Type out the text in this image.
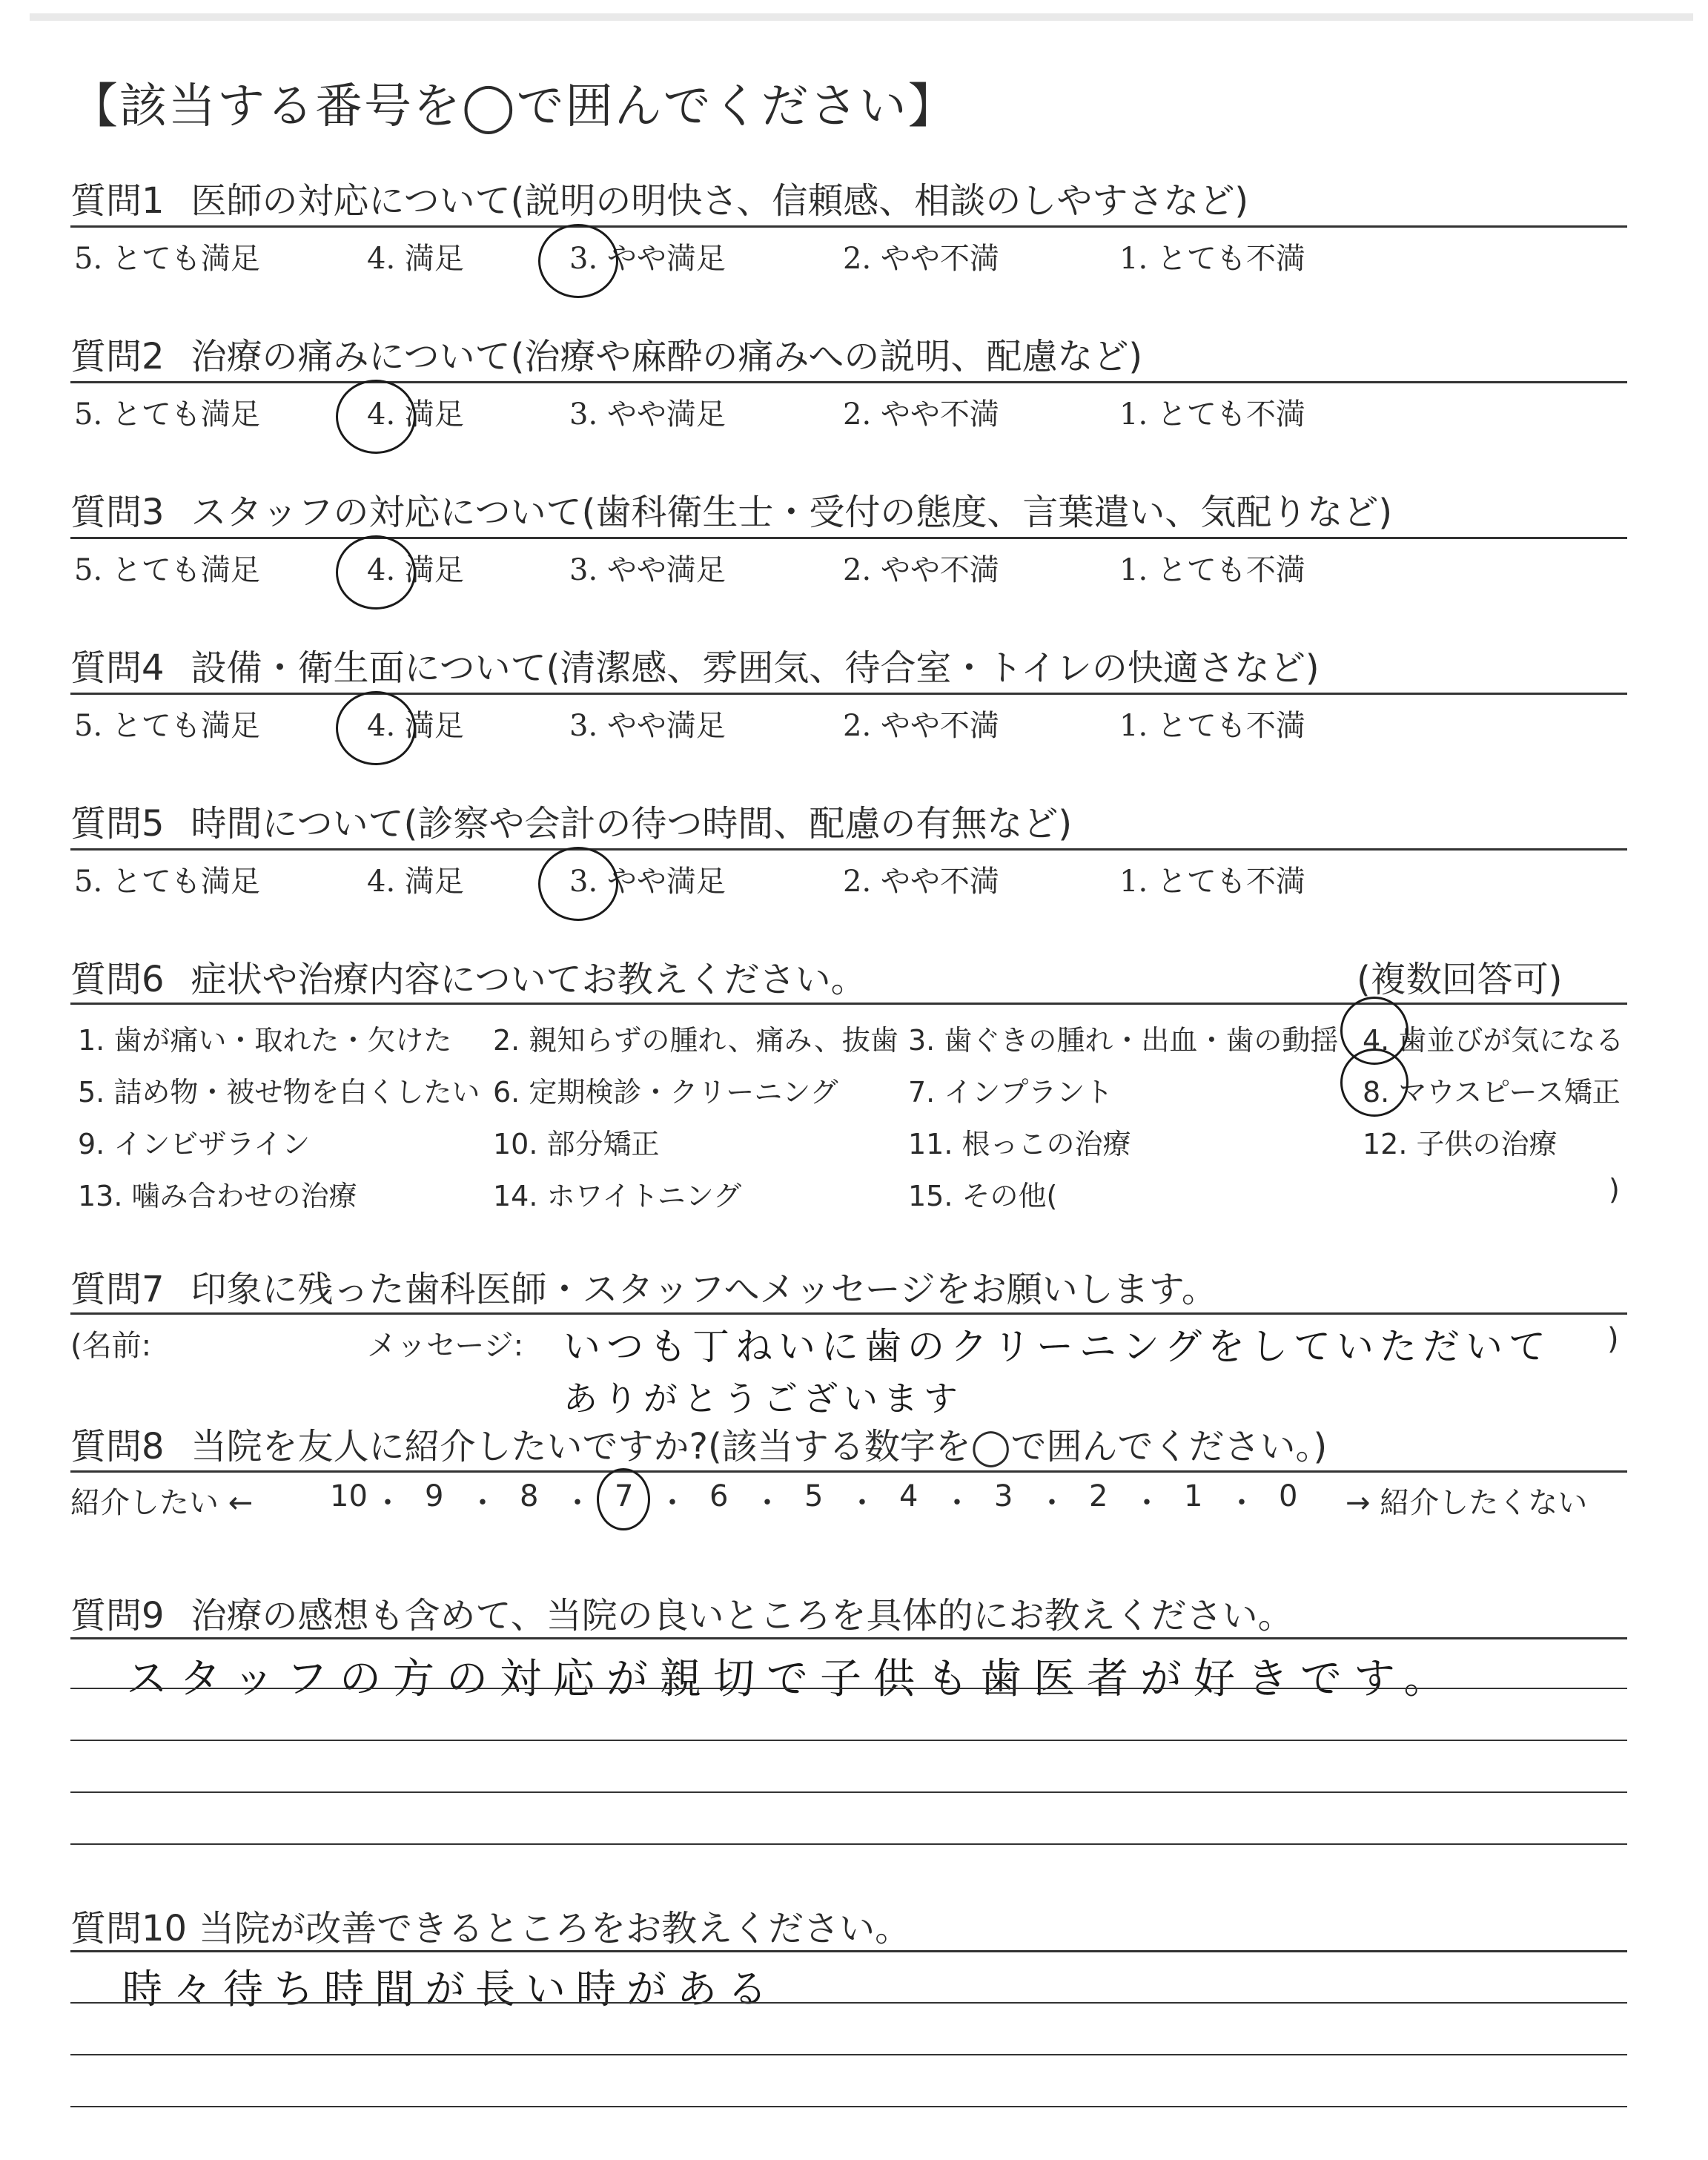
【該当する番号を◯で囲んでください】
質問1 医師の対応について(説明の明快さ、信頼感、相談のしやすさなど)
5. とても満足	4. 満足	3. やや満足	2. やや不満	1. とても不満
質問2 治療の痛みについて(治療や麻酔の痛みへの説明、配慮など)
5. とても満足	4. 満足	3. やや満足	2. やや不満	1. とても不満
質問3 スタッフの対応について(歯科衛生士・受付の態度、言葉遣い、気配りなど)
5. とても満足	4. 満足	3. やや満足	2. やや不満	1. とても不満
質問4 設備・衛生面について(清潔感、雰囲気、待合室・トイレの快適さなど)
5. とても満足	4. 満足	3. やや満足	2. やや不満	1. とても不満
質問5 時間について(診察や会計の待つ時間、配慮の有無など)
5. とても満足	4. 満足	3. やや満足	2. やや不満	1. とても不満
質問6 症状や治療内容についてお教えください。	(複数回答可)
1. 歯が痛い・取れた・欠けた 2. 親知らずの腫れ、痛み、抜歯 3. 歯ぐきの腫れ・出血・歯の動揺 4. 歯並びが気になる
5. 詰め物・被せ物を白くしたい 6. 定期検診・クリーニング 7. インプラント	8. マウスピース矯正
9. インビザライン	10. 部分矯正	11. 根っこの治療	12. 子供の治療
13. 噛み合わせの治療	14. ホワイトニング	15. その他(	)
質問7 印象に残った歯科医師・スタッフへメッセージをお願いします。
(名前:	メッセージ:	)
いつも丁ねいに歯のクリーニングをしていただいて
ありがとうございます
質問8 当院を友人に紹介したいですか?(該当する数字を◯で囲んでください。)
紹介したい ←	→ 紹介したくない
10 ・ 9 ・ 8 ・ 7 ・ 6 ・ 5 ・ 4 ・ 3 ・ 2 ・ 1 ・ 0
質問9 治療の感想も含めて、当院の良いところを具体的にお教えください。
スタッフの方の対応が親切で子供も歯医者が好きです。
質問10 当院が改善できるところをお教えください。
時々待ち時間が長い時がある
